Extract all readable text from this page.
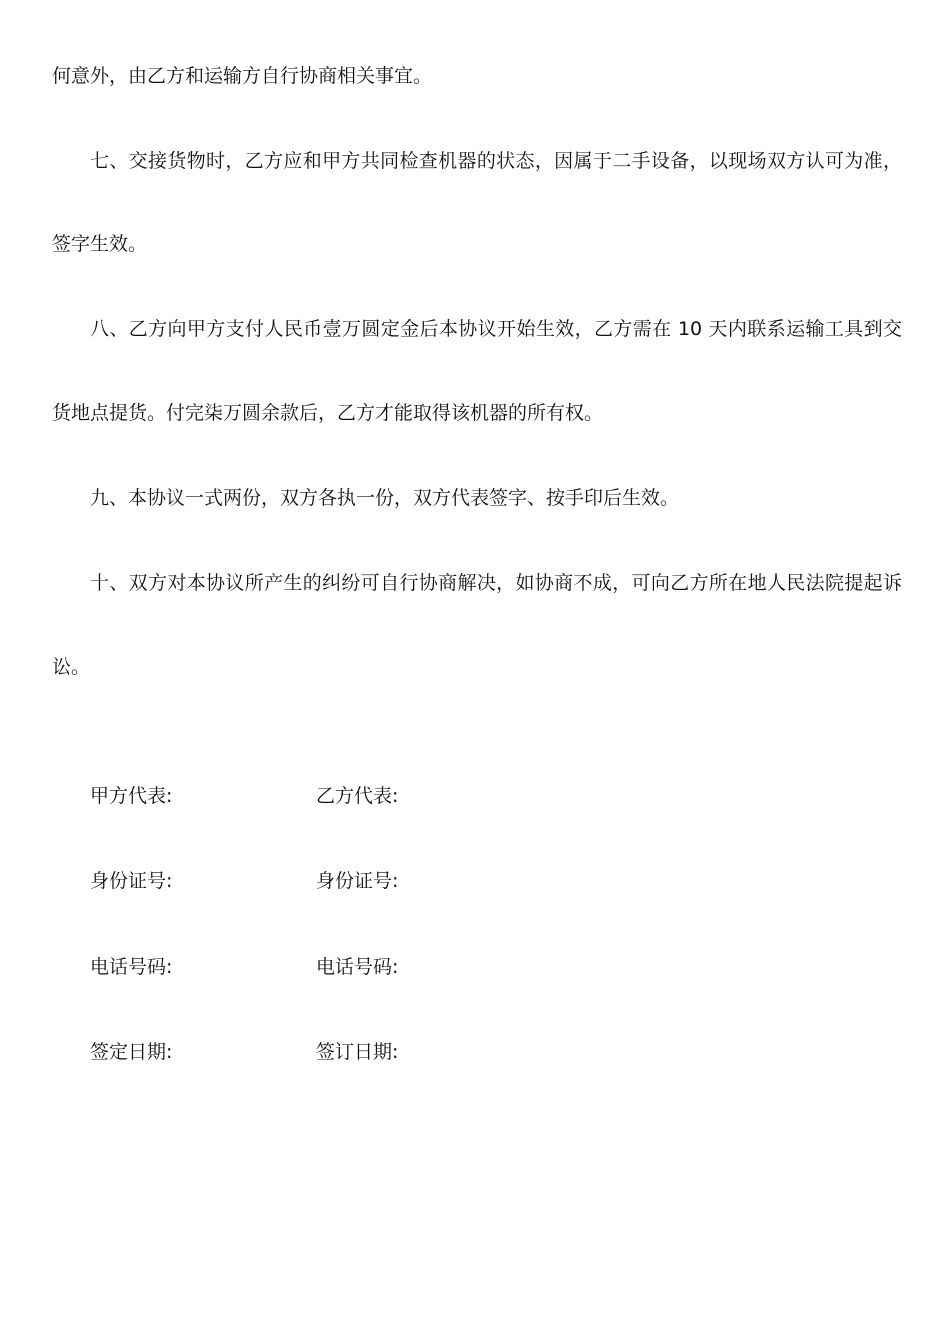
何意外，由乙方和运输方自行协商相关事宜。
七、交接货物时，乙方应和甲方共同检查机器的状态，因属于二手设备，以现场双方认可为准，
签字生效。
八、乙方向甲方支付人民币壹万圆定金后本协议开始生效，乙方需在 10 天内联系运输工具到交
货地点提货。付完柒万圆余款后，乙方才能取得该机器的所有权。
九、本协议一式两份，双方各执一份，双方代表签字、按手印后生效。
十、双方对本协议所产生的纠纷可自行协商解决，如协商不成，可向乙方所在地人民法院提起诉
讼。
甲方代表:	乙方代表:
身份证号:	身份证号:
电话号码:	电话号码:
签定日期:	签订日期:
